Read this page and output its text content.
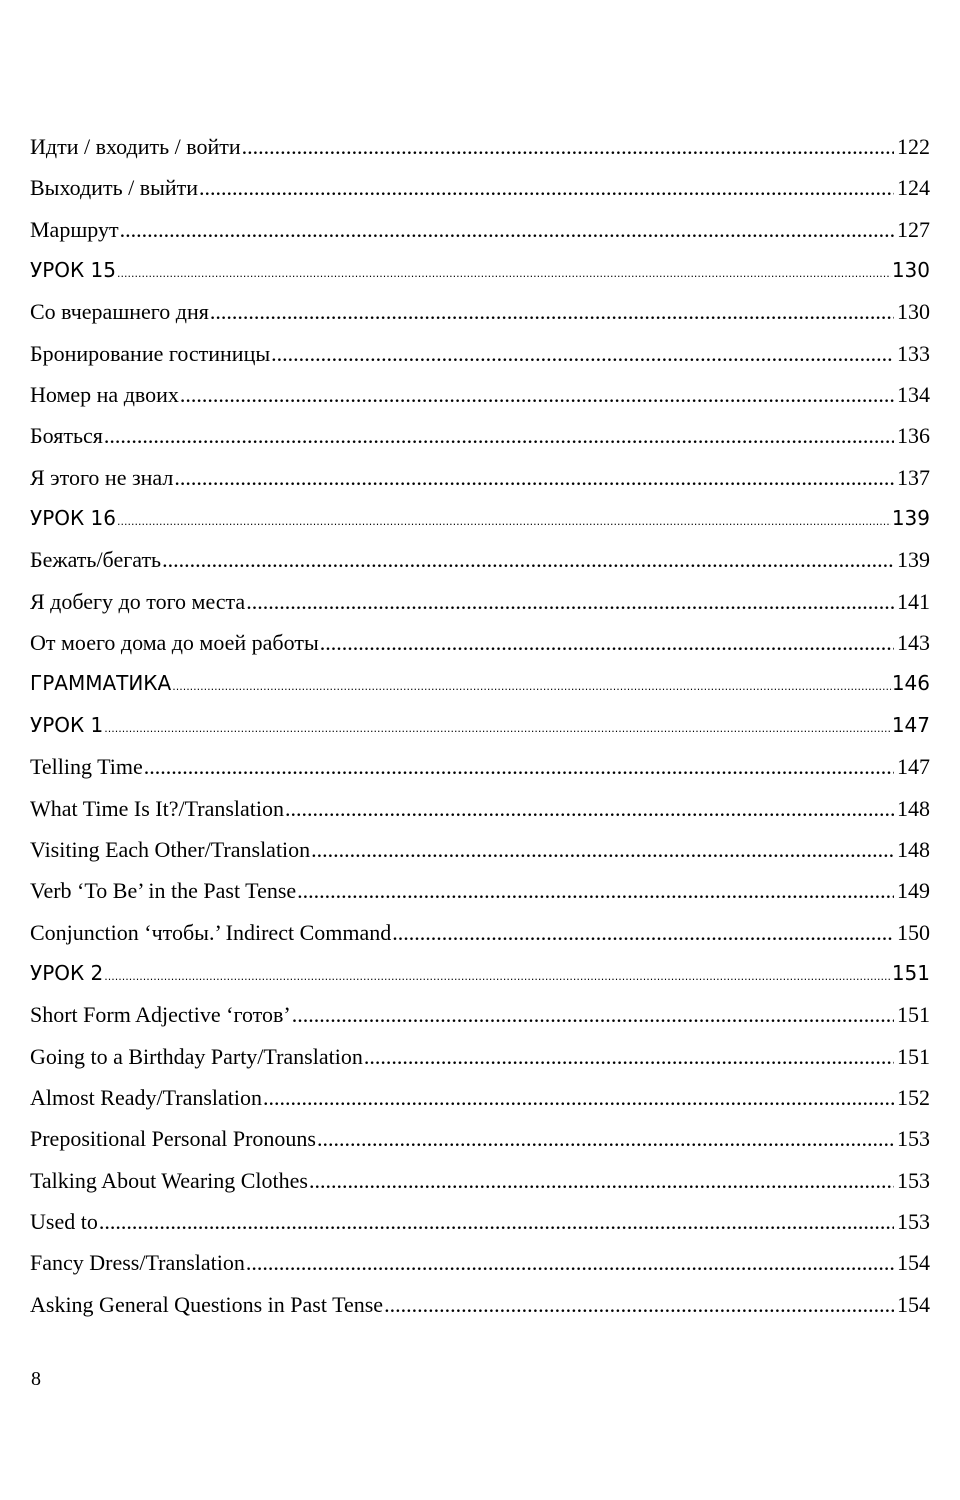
Идти / входить / войти .....	122
Выходить / выйти .....	124
Маршрут .....	127
УРОК 15 .....	130
Со вчерашнего дня .....	130
Бронирование гостиницы .....	133
Номер на двоих .....	134
Бояться .....	136
Я этого не знал .....	137
УРОК 16 .....	139
Бежать/бегать .....	139
Я добегу до того места .....	141
От моего дома до моей работы .....	143
ГРАММАТИКА .....	146
УРОК 1 .....	147
Telling Time .....	147
What Time Is It?/Translation .....	148
Visiting Each Other/Translation .....	148
Verb ‘To Be’ in the Past Tense .....	149
Conjunction ‘чтобы.’ Indirect Command .....	150
УРОК 2 .....	151
Short Form Adjective ‘готов’ .....	151
Going to a Birthday Party/Translation .....	151
Almost Ready/Translation .....	152
Prepositional Personal Pronouns .....	153
Talking About Wearing Clothes .....	153
Used to .....	153
Fancy Dress/Translation .....	154
Asking General Questions in Past Tense .....	154
8
